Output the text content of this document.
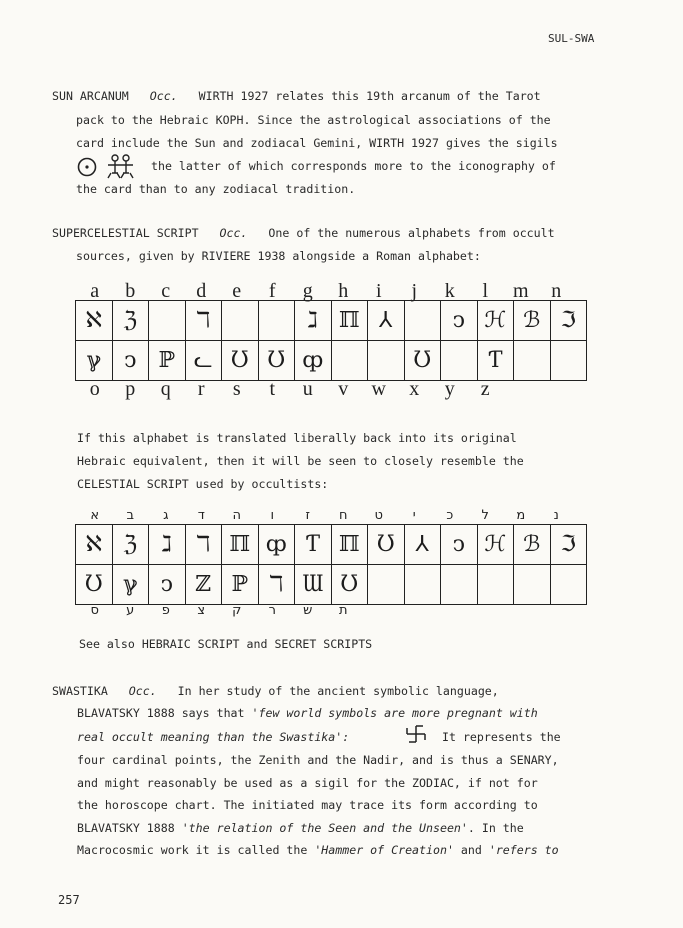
SUL-SWA
SUN ARCANUM Occ. WIRTH 1927 relates this 19th arcanum of the Tarot
pack to the Hebraic KOPH. Since the astrological associations of the
card include the Sun and zodiacal Gemini, WIRTH 1927 gives the sigils
the latter of which corresponds more to the iconography of
the card than to any zodiacal tradition.
SUPERCELESTIAL SCRIPT Occ. One of the numerous alphabets from occult
sources, given by RIVIERE 1938 alongside a Roman alphabet:
a b c d e f g h i j k l m n
ℵ	ℨ		ℸ			ℷ	ℿ	⅄		ↄ	ℋ	ℬ	ℑ
ℽ	ↄ	ℙ	ᓚ	Ʊ	Ʊ	ȹ			Ʊ		Ƭ		
o p q r s t u v w x y z
If this alphabet is translated liberally back into its original
Hebraic equivalent, then it will be seen to closely resemble the
CELESTIAL SCRIPT used by occultists:
א ב ג ד ה ו ז ח ט י כ ל מ נ
ℵ	ℨ	ℷ	ℸ	ℿ	ȹ	Ƭ	ℿ	Ʊ	⅄	ↄ	ℋ	ℬ	ℑ
Ʊ	ℽ	ↄ	ℤ	ℙ	ℸ	Ɯ	Ʊ						
ס ע פ צ ק ר ש ת
See also HEBRAIC SCRIPT and SECRET SCRIPTS
SWASTIKA Occ. In her study of the ancient symbolic language,
BLAVATSKY 1888 says that 'few world symbols are more pregnant with
real occult meaning than the Swastika':	It represents the
four cardinal points, the Zenith and the Nadir, and is thus a SENARY,
and might reasonably be used as a sigil for the ZODIAC, if not for
the horoscope chart. The initiated may trace its form according to
BLAVATSKY 1888 'the relation of the Seen and the Unseen'. In the
Macrocosmic work it is called the 'Hammer of Creation' and 'refers to
257
